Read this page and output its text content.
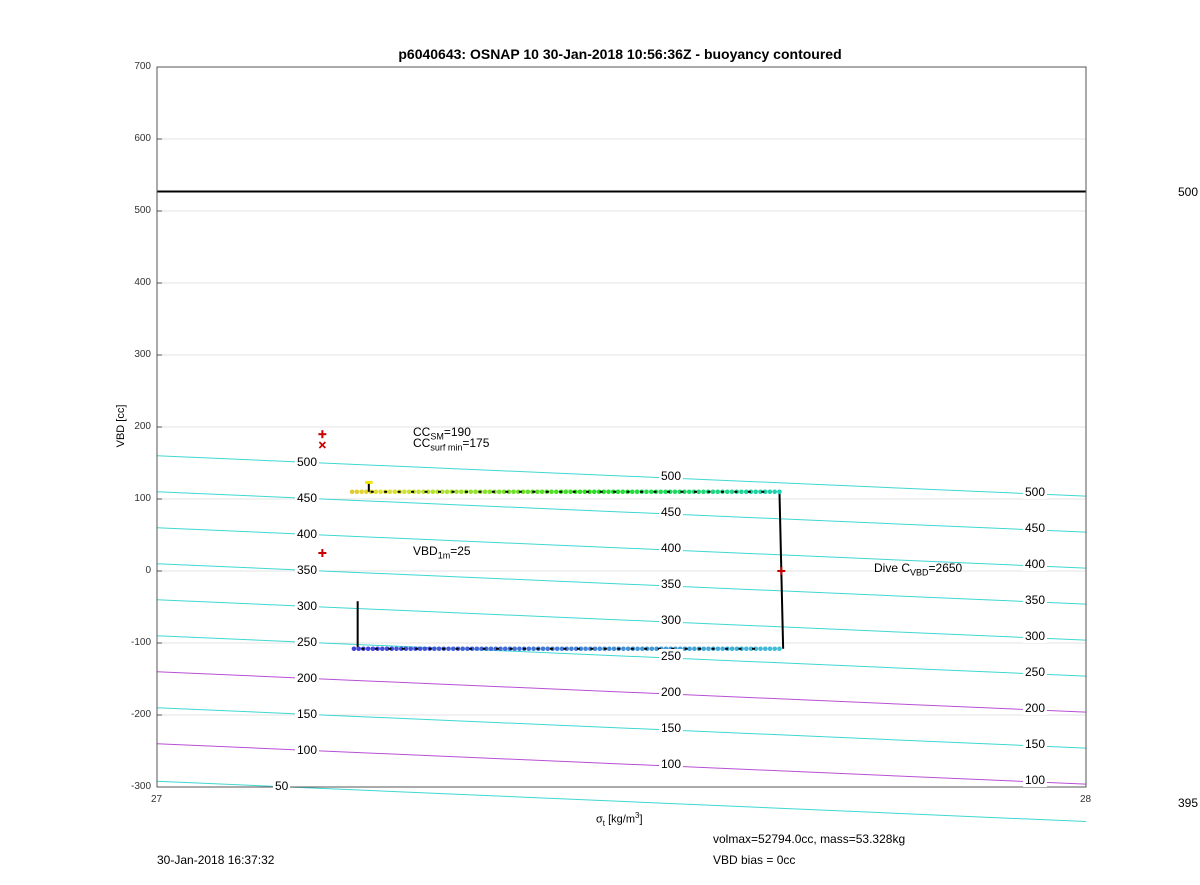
p6040643: OSNAP 10 30-Jan-2018 10:56:36Z - buoyancy contoured
VBD [cc]
$\sigma_t$ $[kg/m^3]$
$CC_{SM}=190$
$CC_{surf min}=175$
$VBD_{1m}=25$
Dive $C_{VBD}=2650$
500
395
volmax=52794.0cc, mass=53.328kg
VBD bias = 0cc
30-Jan-2018 16:37:32
700
600
500
400
300
200
100
0
-100
-200
-300
27	28
500
450
400
350
300
250
200
150
100
50
500
450
400
350
300
250
200
150
100
500
450
400
350
300
250
200
150
100
